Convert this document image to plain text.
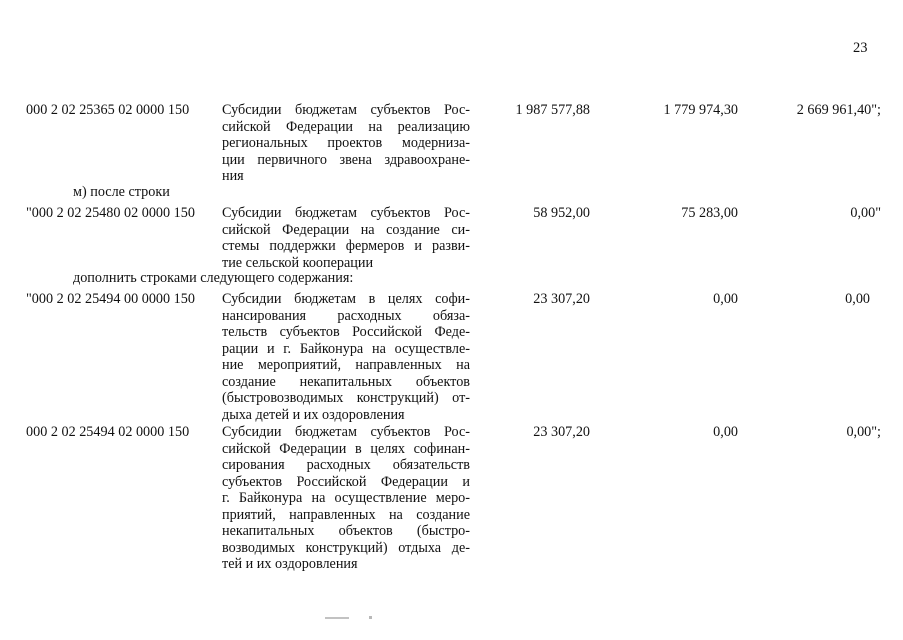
23
000 2 02 25365 02 0000 150	Субсидии бюджетам субъектов Рос-
сийской Федерации на реализацию
региональных проектов модерниза-
ции первичного звена здравоохране-
ния
1 987 577,88	1 779 974,30	2 669 961,40";
м) после строки
"000 2 02 25480 02 0000 150	Субсидии бюджетам субъектов Рос-
сийской Федерации на создание си-
стемы поддержки фермеров и разви-
тие сельской кооперации
58 952,00	75 283,00	0,00"
дополнить строками следующего содержания:
"000 2 02 25494 00 0000 150	Субсидии бюджетам в целях софи-
нансирования расходных обяза-
тельств субъектов Российской Феде-
рации и г. Байконура на осуществле-
ние мероприятий, направленных на
создание некапитальных объектов
(быстровозводимых конструкций) от-
дыха детей и их оздоровления
23 307,20	0,00	0,00
000 2 02 25494 02 0000 150	Субсидии бюджетам субъектов Рос-
сийской Федерации в целях софинан-
сирования расходных обязательств
субъектов Российской Федерации и
г. Байконура на осуществление меро-
приятий, направленных на создание
некапитальных объектов (быстро-
возводимых конструкций) отдыха де-
тей и их оздоровления
23 307,20	0,00	0,00";
